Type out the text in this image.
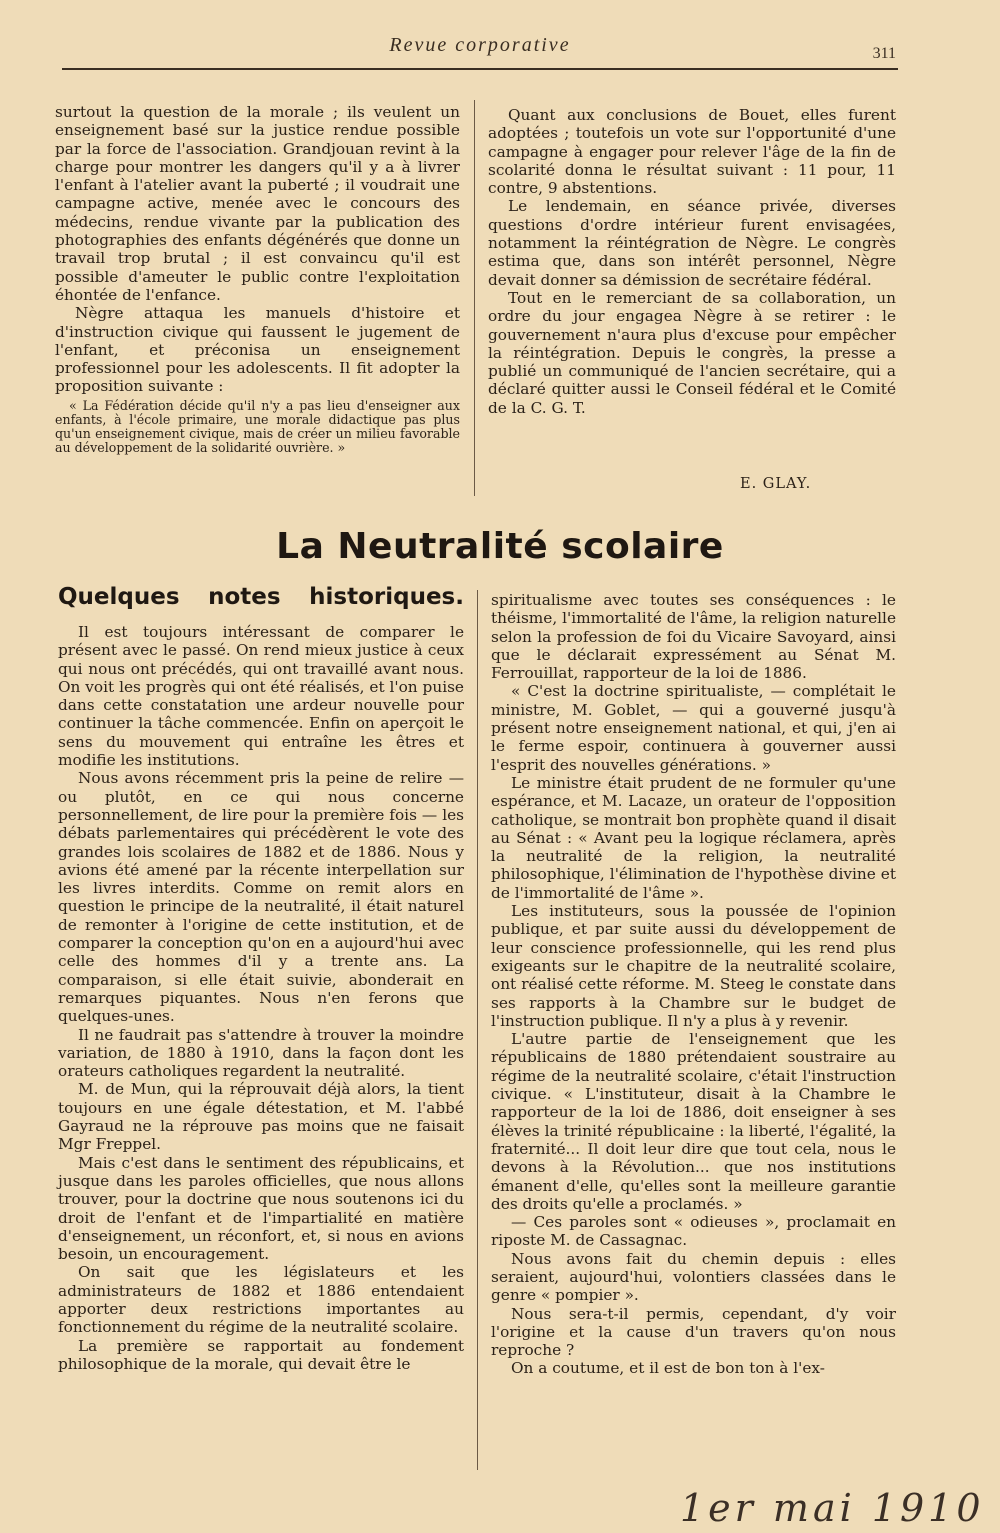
Revue corporative	311

surtout la question de la morale ; ils veulent un enseignement basé sur la justice rendue possible par la force de l'association. Grandjouan revint à la charge pour montrer les dangers qu'il y a à livrer l'enfant à l'atelier avant la puberté ; il voudrait une campagne active, menée avec le concours des médecins, rendue vivante par la publication des photographies des enfants dégénérés que donne un travail trop brutal ; il est convaincu qu'il est possible d'ameuter le public contre l'exploitation éhontée de l'enfance.

Nègre attaqua les manuels d'histoire et d'instruction civique qui faussent le jugement de l'enfant, et préconisa un enseignement professionnel pour les adolescents. Il fit adopter la proposition suivante :

« La Fédération décide qu'il n'y a pas lieu d'enseigner aux enfants, à l'école primaire, une morale didactique pas plus qu'un enseignement civique, mais de créer un milieu favorable au développement de la solidarité ouvrière. »

Quant aux conclusions de Bouet, elles furent adoptées ; toutefois un vote sur l'opportunité d'une campagne à engager pour relever l'âge de la fin de scolarité donna le résultat suivant : 11 pour, 11 contre, 9 abstentions.

Le lendemain, en séance privée, diverses questions d'ordre intérieur furent envisagées, notamment la réintégration de Nègre. Le congrès estima que, dans son intérêt personnel, Nègre devait donner sa démission de secrétaire fédéral.

Tout en le remerciant de sa collaboration, un ordre du jour engagea Nègre à se retirer : le gouvernement n'aura plus d'excuse pour empêcher la réintégration. Depuis le congrès, la presse a publié un communiqué de l'ancien secrétaire, qui a déclaré quitter aussi le Conseil fédéral et le Comité de la C. G. T.

E. GLAY.
La Neutralité scolaire
Quelques notes historiques.

Il est toujours intéressant de comparer le présent avec le passé. On rend mieux justice à ceux qui nous ont précédés, qui ont travaillé avant nous. On voit les progrès qui ont été réalisés, et l'on puise dans cette constatation une ardeur nouvelle pour continuer la tâche commencée. Enfin on aperçoit le sens du mouvement qui entraîne les êtres et modifie les institutions.

Nous avons récemment pris la peine de relire — ou plutôt, en ce qui nous concerne personnellement, de lire pour la première fois — les débats parlementaires qui précédèrent le vote des grandes lois scolaires de 1882 et de 1886. Nous y avions été amené par la récente interpellation sur les livres interdits. Comme on remit alors en question le principe de la neutralité, il était naturel de remonter à l'origine de cette institution, et de comparer la conception qu'on en a aujourd'hui avec celle des hommes d'il y a trente ans. La comparaison, si elle était suivie, abonderait en remarques piquantes. Nous n'en ferons que quelques-unes.

Il ne faudrait pas s'attendre à trouver la moindre variation, de 1880 à 1910, dans la façon dont les orateurs catholiques regardent la neutralité.

M. de Mun, qui la réprouvait déjà alors, la tient toujours en une égale détestation, et M. l'abbé Gayraud ne la réprouve pas moins que ne faisait Mgr Freppel.

Mais c'est dans le sentiment des républicains, et jusque dans les paroles officielles, que nous allons trouver, pour la doctrine que nous soutenons ici du droit de l'enfant et de l'impartialité en matière d'enseignement, un réconfort, et, si nous en avions besoin, un encouragement.

On sait que les législateurs et les administrateurs de 1882 et 1886 entendaient apporter deux restrictions importantes au fonctionnement du régime de la neutralité scolaire.

La première se rapportait au fondement philosophique de la morale, qui devait être le

spiritualisme avec toutes ses conséquences : le théisme, l'immortalité de l'âme, la religion naturelle selon la profession de foi du Vicaire Savoyard, ainsi que le déclarait expressément au Sénat M. Ferrouillat, rapporteur de la loi de 1886.

« C'est la doctrine spiritualiste, — complétait le ministre, M. Goblet, — qui a gouverné jusqu'à présent notre enseignement national, et qui, j'en ai le ferme espoir, continuera à gouverner aussi l'esprit des nouvelles générations. »

Le ministre était prudent de ne formuler qu'une espérance, et M. Lacaze, un orateur de l'opposition catholique, se montrait bon prophète quand il disait au Sénat : « Avant peu la logique réclamera, après la neutralité de la religion, la neutralité philosophique, l'élimination de l'hypothèse divine et de l'immortalité de l'âme ».

Les instituteurs, sous la poussée de l'opinion publique, et par suite aussi du développement de leur conscience professionnelle, qui les rend plus exigeants sur le chapitre de la neutralité scolaire, ont réalisé cette réforme. M. Steeg le constate dans ses rapports à la Chambre sur le budget de l'instruction publique. Il n'y a plus à y revenir.

L'autre partie de l'enseignement que les républicains de 1880 prétendaient soustraire au régime de la neutralité scolaire, c'était l'instruction civique. « L'instituteur, disait à la Chambre le rapporteur de la loi de 1886, doit enseigner à ses élèves la trinité républicaine : la liberté, l'égalité, la fraternité... Il doit leur dire que tout cela, nous le devons à la Révolution... que nos institutions émanent d'elle, qu'elles sont la meilleure garantie des droits qu'elle a proclamés. »

— Ces paroles sont « odieuses », proclamait en riposte M. de Cassagnac.

Nous avons fait du chemin depuis : elles seraient, aujourd'hui, volontiers classées dans le genre « pompier ».

Nous sera-t-il permis, cependant, d'y voir l'origine et la cause d'un travers qu'on nous reproche ?

On a coutume, et il est de bon ton à l'ex-

1er mai 1910
